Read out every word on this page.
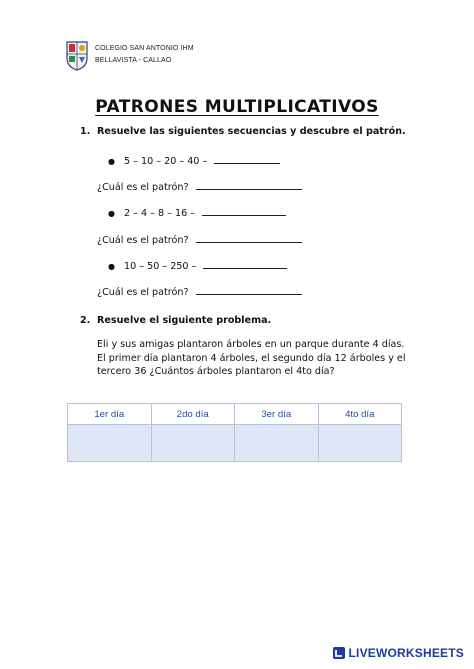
COLEGIO SAN ANTONIO IHM
BELLAVISTA - CALLAO
PATRONES MULTIPLICATIVOS
1. Resuelve las siguientes secuencias y descubre el patrón.
● 5 – 10 – 20 – 40 –
¿Cuál es el patrón?
● 2 – 4 – 8 – 16 –
¿Cuál es el patrón?
● 10 – 50 – 250 –
¿Cuál es el patrón?
2. Resuelve el siguiente problema.
Eli y sus amigas plantaron árboles en un parque durante 4 días. El primer día plantaron 4 árboles, el segundo día 12 árboles y el tercero 36 ¿Cuántos árboles plantaron el 4to día?
1er día	2do día	3er día	4to día

LIVEWORKSHEETS
